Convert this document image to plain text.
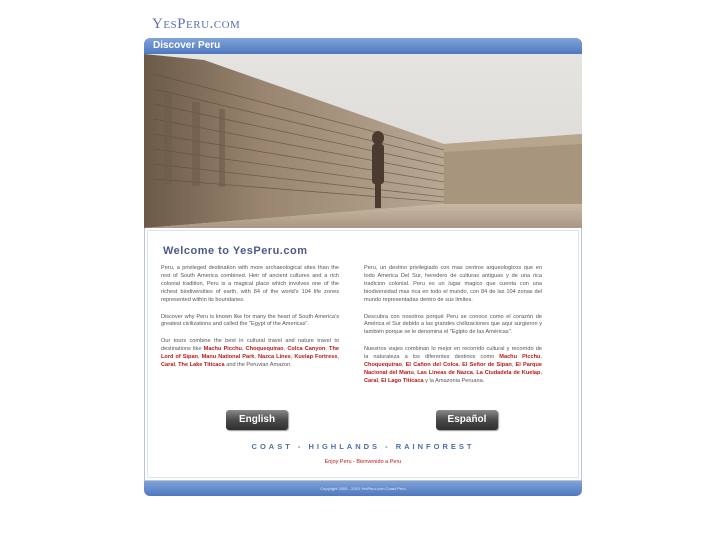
YesPeru.com
Discover Peru
Welcome to YesPeru.com

Peru, a privileged destination with more archaeological sites than the rest of South America combined. Heir of ancient cultures and a rich colonial tradition, Peru is a magical place which involves one of the richest biodiversities of earth, with 84 of the world's 104 life zones represented within its boundaries.

Discover why Peru is known like for many the heart of South America's greatest civilizations and called the "Egypt of the Americas".

Our tours combine the best in cultural travel and nature travel to destinations like Machu Picchu, Choquequirao, Colca Canyon, The Lord of Sipan, Manu National Park, Nazca Lines, Kuelap Fortress, Caral, The Lake Titicaca and the Peruvian Amazon.

Peru, un destino privilegiado con mas centros arqueologicos que en todo America Del Sur, heredero de culturas antiguas y de una rica tradicion colonial. Peru es un lugar magico que cuenta con una biodiversidad mas rica en todo el mundo, con 84 de las 104 zonas del mundo representadas dentro de sus limites.

Descubra con nosotros porqué Peru se conoce como el corazón de América el Sur debido a las grandes civilizaciones que aquí surgieron y también porque se le denomina el "Egipto de las Américas".

Nuestros viajes combinan lo mejor en recorrido cultural y recorrido de la naturaleza a los diferentes destinos como Machu Picchu, Choquequirao, El Cañon del Colca, El Señor de Sipan, El Parque Nacional del Manu, Las Lineas de Nazca, La Ciudadela de Kuelap, Caral, El Lago Titicaca y la Amazonia Peruana.

English	Español
COAST - HIGHLANDS - RAINFOREST
Enjoy Peru - Bienvenido a Peru
Copyright 2006 - 2010 YesPeru.com Coast Peru
